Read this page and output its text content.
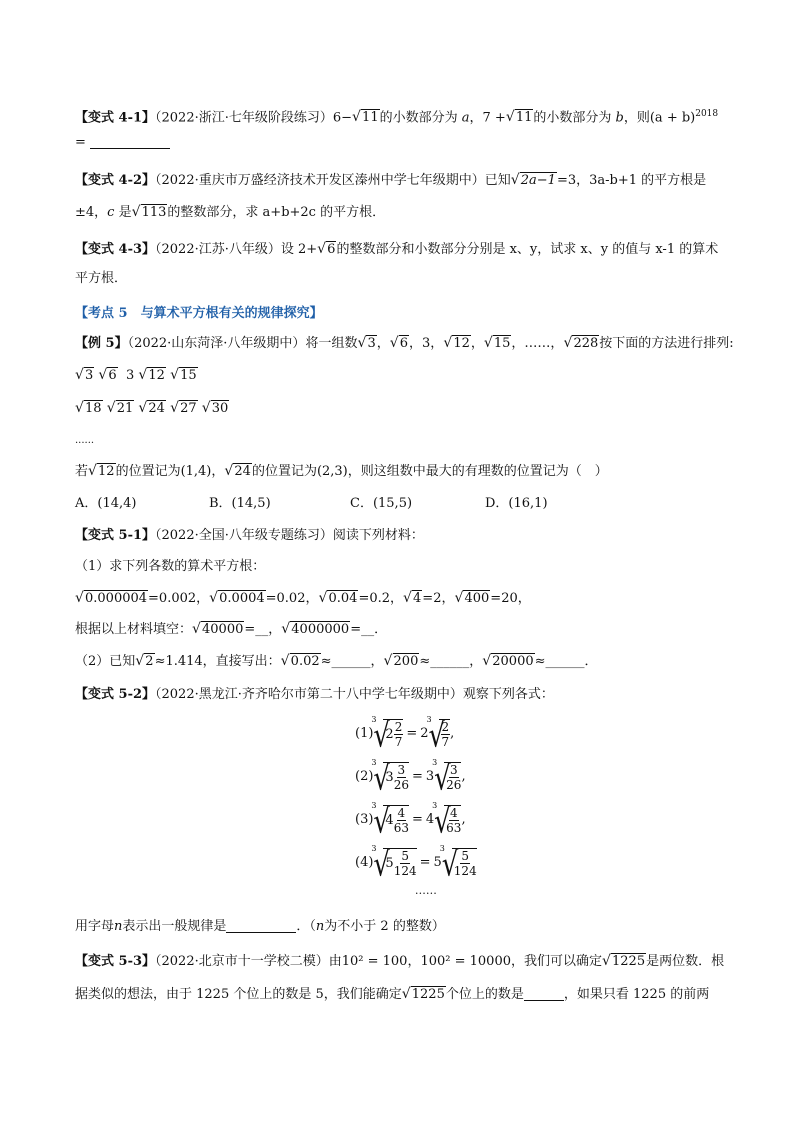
【变式 4-1】（2022·浙江·七年级阶段练习）6− √ 11的小数部分为 a，7 + √ 11的小数部分为 b，则$(a + b)^{2018}$
=
【变式 4-2】（2022·重庆市万盛经济技术开发区溱州中学七年级期中）已知 √ 2a−1=3，3a-b+1 的平方根是
±4，c 是 √ 113的整数部分，求 a+b+2c 的平方根．
【变式 4-3】（2022·江苏·八年级）设 2+ √ 6的整数部分和小数部分分别是 x、y，试求 x、y 的值与 x-1 的算术
平方根．
【考点 5　与算术平方根有关的规律探究】
【例 5】（2022·山东菏泽·八年级期中）将一组数 √ 3， √ 6，3， √ 12， √ 15，……， √ 228按下面的方法进行排列:
√ 3 √ 6 3 √ 12 √ 15
√ 18 √ 21 √ 24 √ 27 √ 30
......
若 √ 12的位置记为(1,4)， √ 24的位置记为(2,3)，则这组数中最大的有理数的位置记为（　）
A．(14,4)	B．(14,5)	C．(15,5)	D．(16,1)
【变式 5-1】（2022·全国·八年级专题练习）阅读下列材料：
（1）求下列各数的算术平方根：
√ 0.000004=0.002， √ 0.0004=0.02， √ 0.04=0.2， √ 4=2， √ 400=20，
根据以上材料填空： √ 40000=__， √ 4000000=__．
（2）已知 √ 2≈1.414，直接写出： √ 0.02≈______， √ 200≈______， √ 20000≈______．
【变式 5-2】（2022·黑龙江·齐齐哈尔市第二十八中学七年级期中）观察下列各式：
(1)
√ 3
$2 \frac{2}{7} = 2$
√ 3
$\frac{2}{7}$ ,
(2)
√ 3
$3 \frac{3}{26} = 3$
√ 3
$\frac{3}{26}$ ,
(3)
√ 3
$4 \frac{4}{63} = 4$
√ 3
$\frac{4}{63}$ ,
(4)
√ 3
$5 \frac{5}{124} = 5$
√ 3
$\frac{5}{124}$
……
用字母n表示出一般规律是	．（n为不小于 2 的整数）
【变式 5-3】（2022·北京市十一学校二模）由10² = 100，100² = 10000，我们可以确定 √ 1225是两位数．根
据类似的想法，由于 1225 个位上的数是 5，我们能确定 √ 1225个位上的数是	，如果只看 1225 的前两
